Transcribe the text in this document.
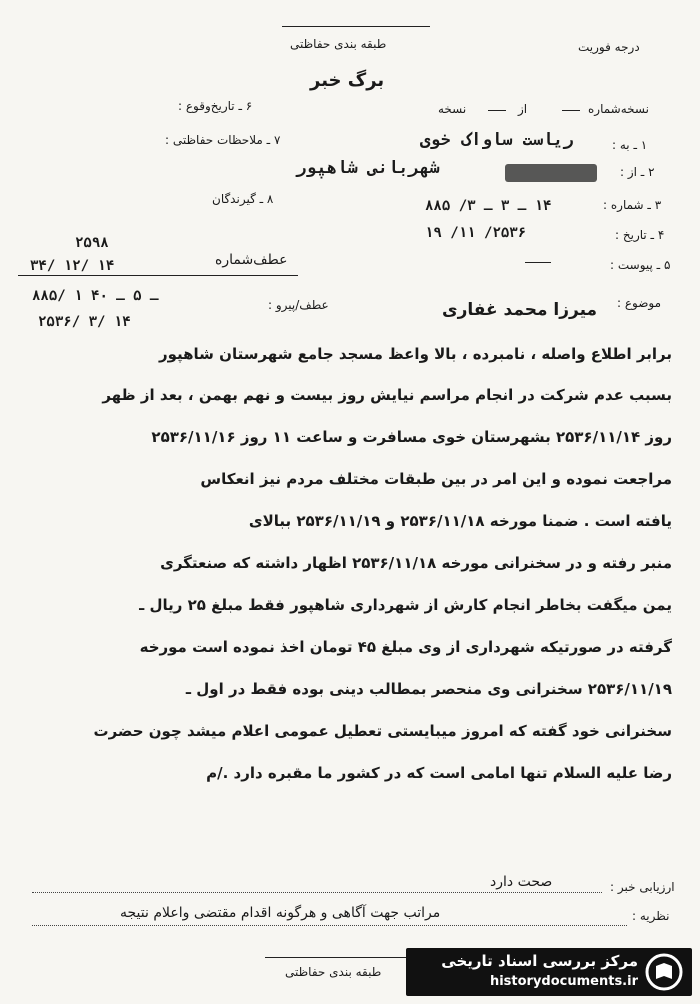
طبقه بندی حفاظتی	درجه فوریت
برگ خبر
نسخه‌شماره
از
نسخه
۶ ـ تاریخ‌وقوع :
۷ ـ ملاحظات حفاظتی :
۸ ـ گیرندگان
۱ ـ به :
ریاست ساواک خوی
۲ ـ از :
شهربانی شاهپور
۳ ـ شماره :
۱۴ ـ ۳ ـ ۳/ ۸۸۵
۴ ـ تاریخ :
۲۵۳۶/ ۱۱/ ۱۹
۵ ـ پیوست :
۲۵۹۸
عطف‌شماره
۳۴/ ۱۲/ ۱۴
عطف/پیرو :
۸۸۵/ ۱ ـ ۵ ـ ۴۰
۲۵۳۶/ ۳/ ۱۴
موضوع :
میرزا محمد غفاری
برابر اطلاع واصله ، نامبرده ، بالا واعظ مسجد جامع شهرستان شاهپور
بسبب عدم شرکت در انجام مراسم نیایش روز بیست و نهم بهمن ، بعد از ظهر
روز ۲۵۳۶/۱۱/۱۴ بشهرستان خوی مسافرت و ساعت ۱۱ روز ۲۵۳۶/۱۱/۱۶
مراجعت نموده و این امر در بین طبقات مختلف مردم نیز انعکاس
یافته است . ضمنا مورخه ۲۵۳۶/۱۱/۱۸ و ۲۵۳۶/۱۱/۱۹ ببالای
منبر رفته و در سخنرانی مورخه ۲۵۳۶/۱۱/۱۸ اظهار داشته که صنعتگری
یمن میگفت بخاطر انجام کارش از شهرداری شاهپور فقط مبلغ ۲۵ ریال ـ
گرفته در صورتیکه شهرداری از وی مبلغ ۴۵ تومان اخذ نموده است مورخه
۲۵۳۶/۱۱/۱۹ سخنرانی وی منحصر بمطالب دینی بوده فقط در اول ـ
سخنرانی خود گفته که امروز میبایستی تعطیل عمومی اعلام میشد چون حضرت
رضا علیه السلام تنها امامی است که در کشور ما مقبره دارد ./م
ارزیابی خبر :
صحت دارد
نظریه :
مراتب جهت آگاهی و هرگونه اقدام مقتضی واعلام نتیجه
طبقه بندی حفاظتی
مرکز بررسی اسناد تاریخی
historydocuments.ir
